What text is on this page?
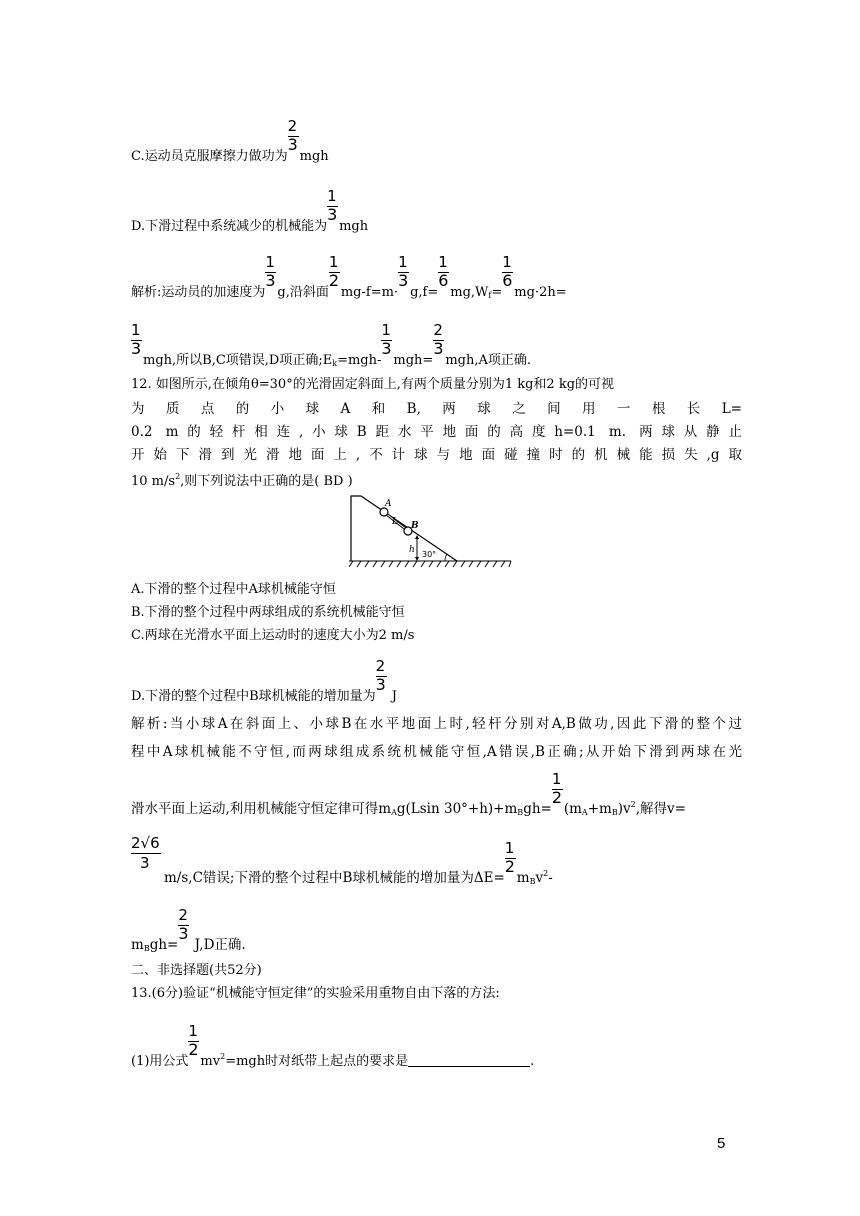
C.运动员克服摩擦力做功为 $\frac{2}{3}$ mgh
D.下滑过程中系统减少的机械能为 $\frac{1}{3}$ mgh
解析:运动员的加速度为 $\frac{1}{3} g$,沿斜面 $\frac{1}{2} mg-f=m\cdot \frac{1}{3} g,f= \frac{1}{6} mg,W_f= \frac{1}{6} mg\cdot 2h=$
$\frac{1}{3}$ mgh,所以B,C项错误,D项正确$;E_k=mgh- \frac{1}{3} mgh= \frac{2}{3} mgh,A$项正确.
12. 如图所示,在倾角θ=30°的光滑固定斜面上,有两个质量分别为1 kg和2 kg的可视
为质点的小球A和B,两球之间用一根长L=
0.2 m的轻杆相连,小球B距水平地面的高度h=0.1 m. 两球从静止
开始下滑到光滑地面上,不计球与地面碰撞时的机械能损失,g取
10 $m/s^2$,则下列说法中正确的是( BD )
A
L B
h 30°
A.下滑的整个过程中A球机械能守恒
B.下滑的整个过程中两球组成的系统机械能守恒
C.两球在光滑水平面上运动时的速度大小为2 m/s
D.下滑的整个过程中B球机械能的增加量为 $\frac{2}{3}$ J
解析:当小球A在斜面上、小球B在水平地面上时,轻杆分别对A,B做功,因此下滑的整个过
程中A球机械能不守恒,而两球组成系统机械能守恒,A错误,B正确;从开始下滑到两球在光
滑水平面上运动,利用机械能守恒定律可得$m_Ag(Lsin$ $30^\circ+h)+m_Bgh= \frac{1}{2} (m_A+m_B)v^2$,解得v=
2√6
3
m/s,C错误;下滑的整个过程中B球机械能的增加量为$\Delta E= \frac{1}{2} m_Bv^2-$
$m_Bgh= \frac{2}{3} J,D$正确.
二、非选择题(共52分)
13.(6分)验证“机械能守恒定律”的实验采用重物自由下落的方法:
(1)用公式 $\frac{1}{2} mv^2=mgh$时对纸带上起点的要求是	.
5
